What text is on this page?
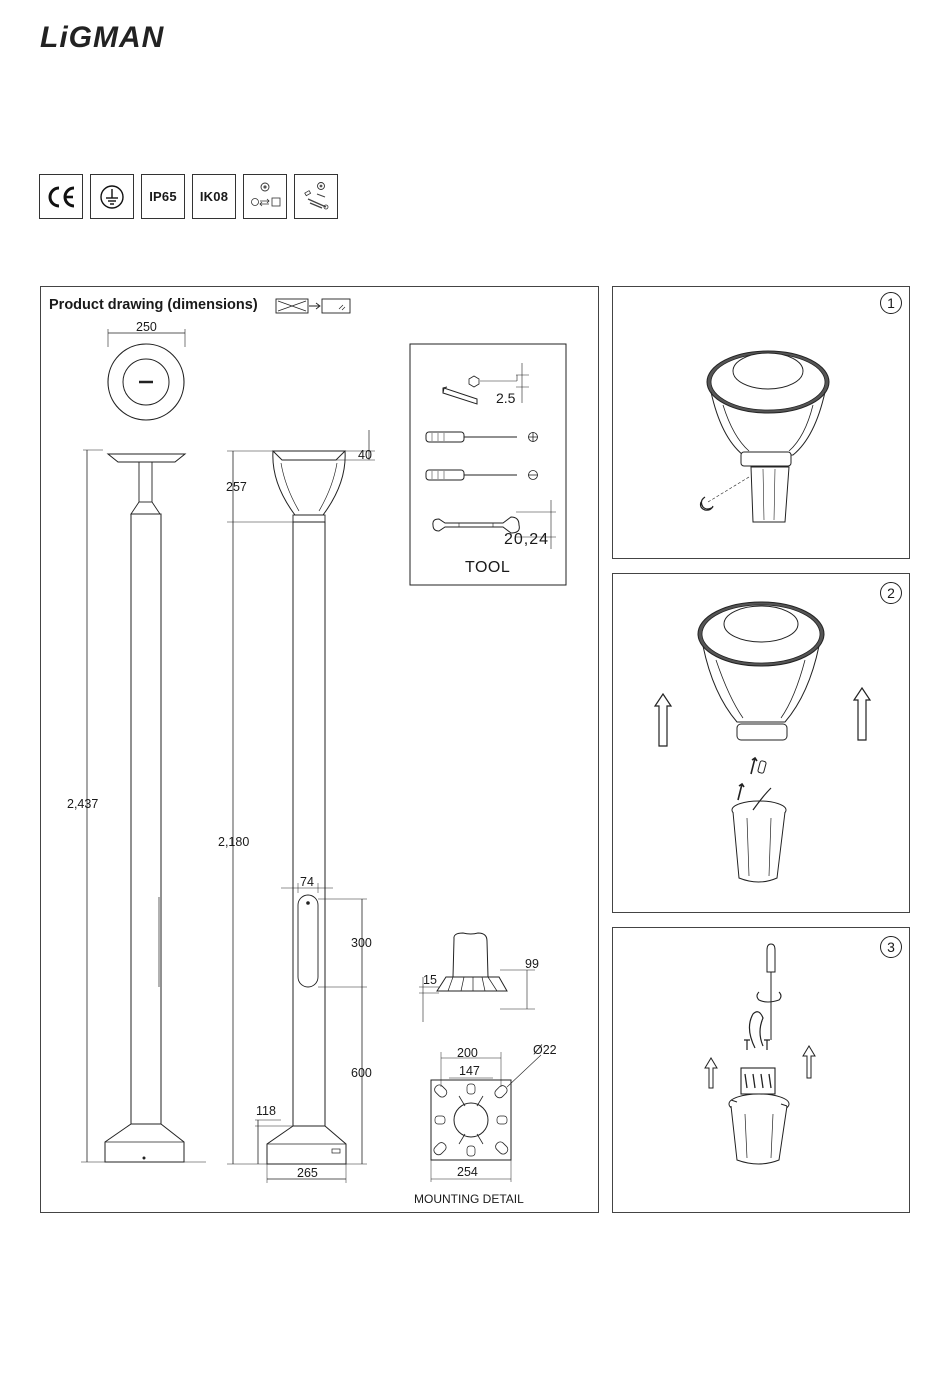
LiGMAN
IP65 IK08
Product drawing (dimensions)
250
2,437
257
40
2,180
74
300
600
118
265
2.5
20,24
TOOL
15
99
200
147
Ø22
254
MOUNTING DETAIL
1
2
3
